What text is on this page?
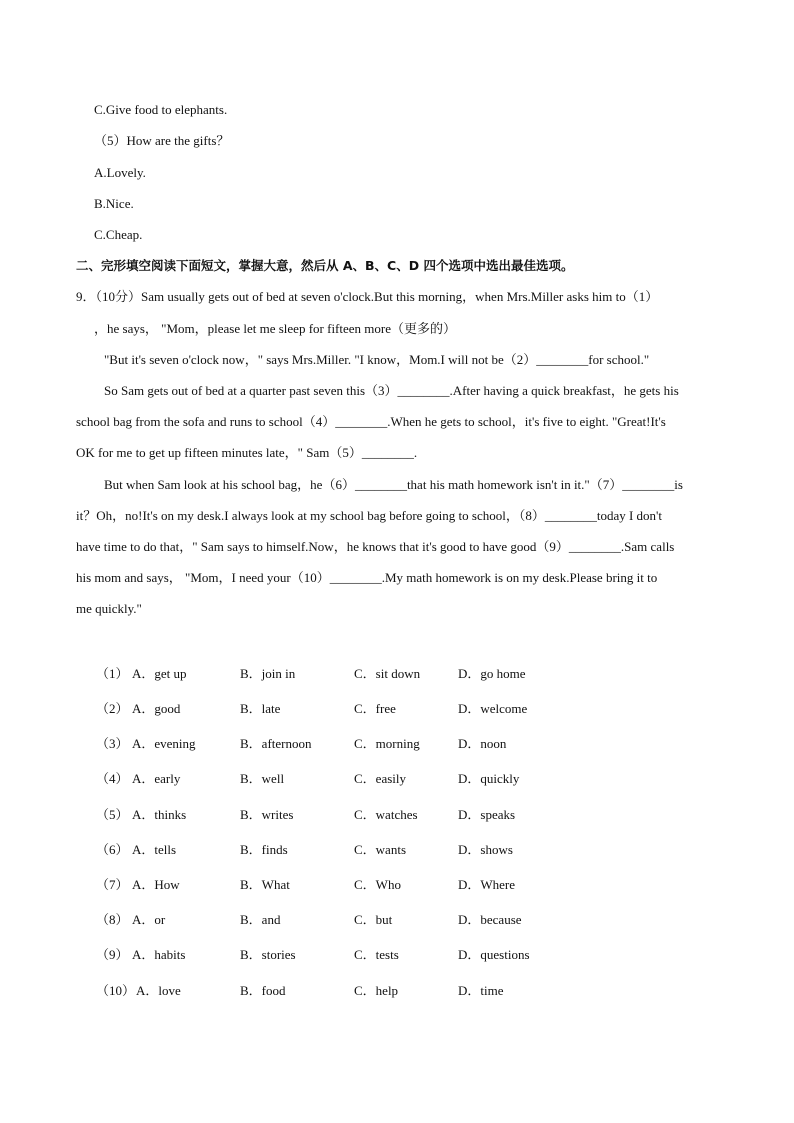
C.Give food to elephants.
（5）How are the gifts？
A.Lovely.
B.Nice.
C.Cheap.
二、完形填空阅读下面短文，掌握大意，然后从 A、B、C、D 四个选项中选出最佳选项。
9．（10分）Sam usually gets out of bed at seven o'clock.But this morning，when Mrs.Miller asks him to（1）
，he says， "Mom，please let me sleep for fifteen more（更多的）
"But it's seven o'clock now，" says Mrs.Miller. "I know，Mom.I will not be（2）________for school."
So Sam gets out of bed at a quarter past seven this（3）________.After having a quick breakfast，he gets his
school bag from the sofa and runs to school（4）________.When he gets to school，it's five to eight. "Great!It's
OK for me to get up fifteen minutes late，" Sam（5）________.
But when Sam look at his school bag，he（6）________that his math homework isn't in it."（7）________is
it？Oh，no!It's on my desk.I always look at my school bag before going to school，（8）________today I don't
have time to do that，" Sam says to himself.Now，he knows that it's good to have good（9）________.Sam calls
his mom and says， "Mom，I need your（10）________.My math homework is on my desk.Please bring it to
me quickly."
（1） A．get up	B．join in	C．sit down	D．go home
（2） A．good	B．late	C．free	D．welcome
（3） A．evening	B．afternoon	C．morning	D．noon
（4） A．early	B．well	C．easily	D．quickly
（5） A．thinks	B．writes	C．watches	D．speaks
（6） A．tells	B．finds	C．wants	D．shows
（7） A．How	B．What	C．Who	D．Where
（8） A．or	B．and	C．but	D．because
（9） A．habits	B．stories	C．tests	D．questions
（10） A．love	B．food	C．help	D．time
